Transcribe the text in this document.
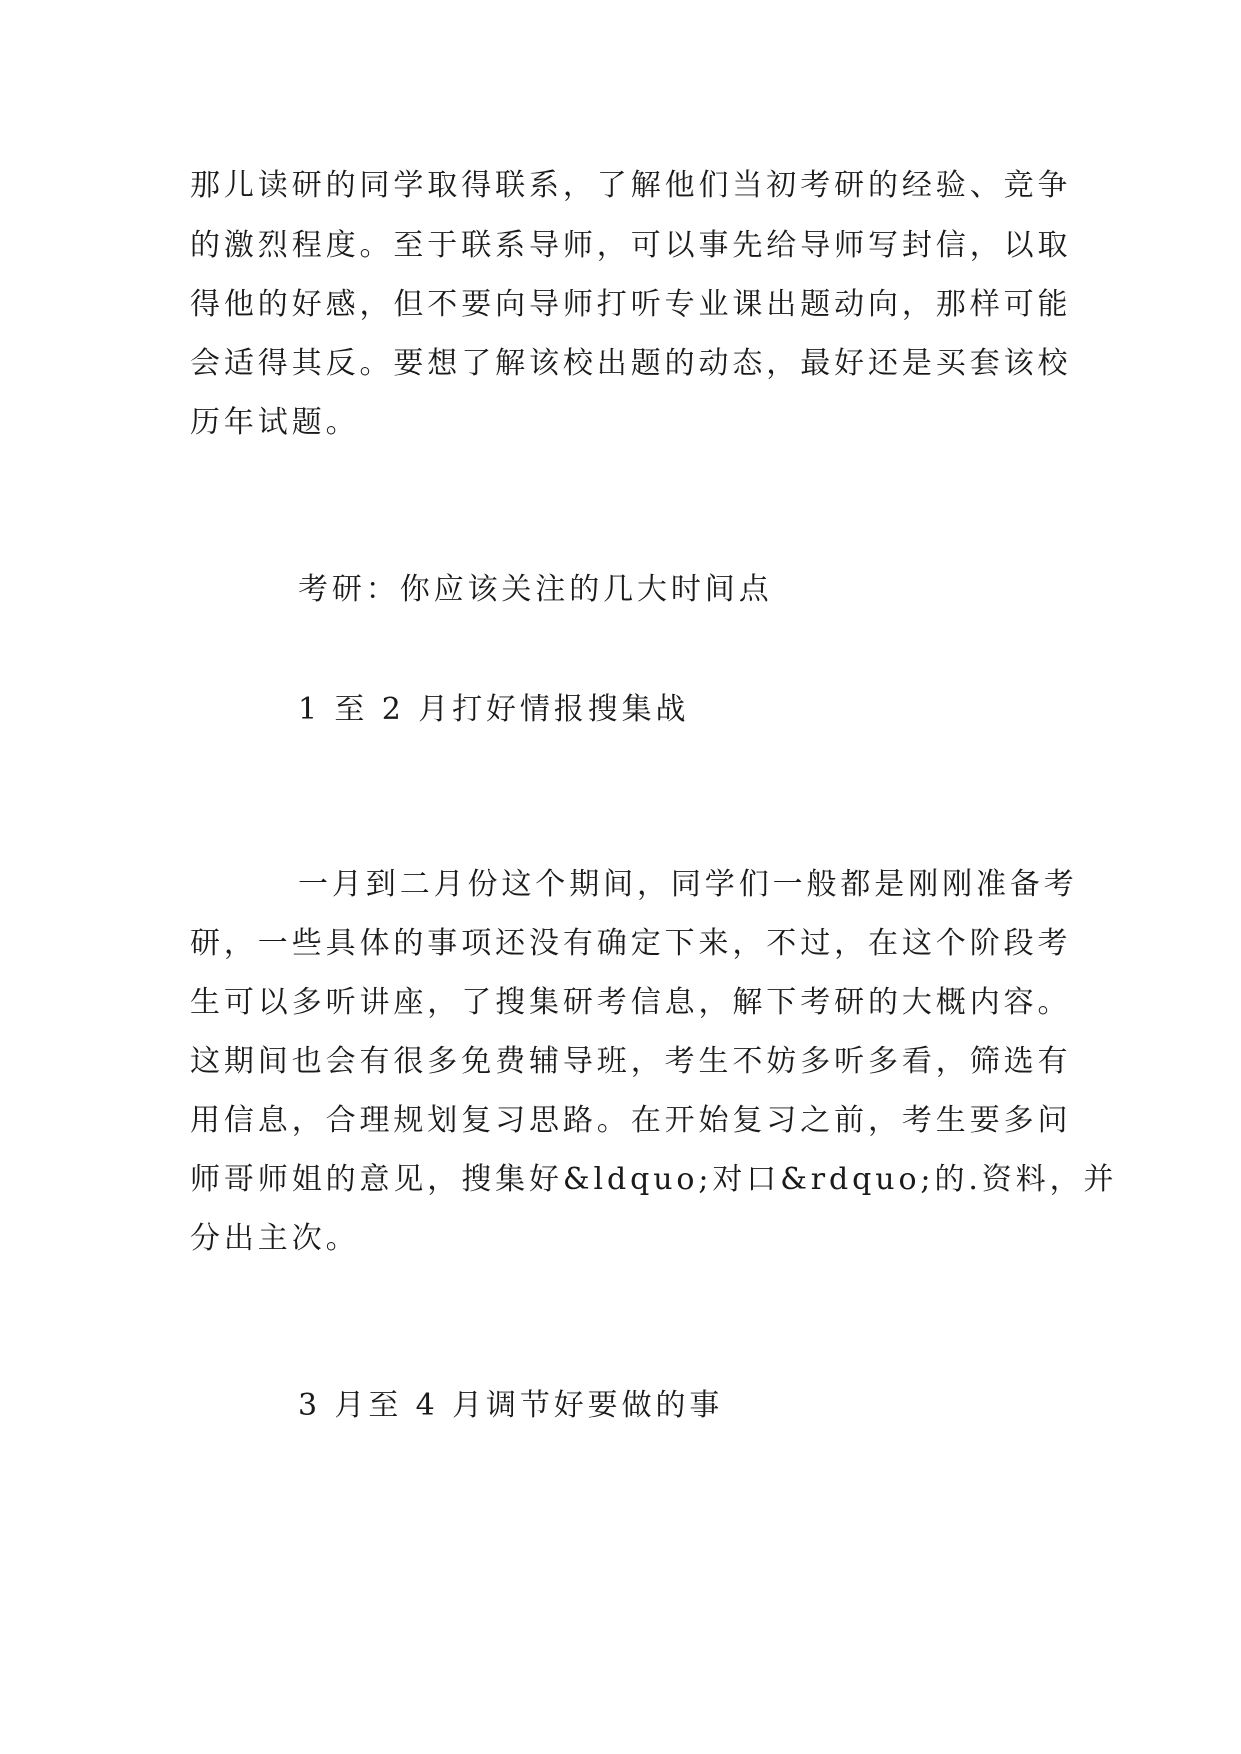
那儿读研的同学取得联系，了解他们当初考研的经验、竞争
的激烈程度。至于联系导师，可以事先给导师写封信，以取
得他的好感，但不要向导师打听专业课出题动向，那样可能
会适得其反。要想了解该校出题的动态，最好还是买套该校
历年试题。
考研：你应该关注的几大时间点
1 至 2 月打好情报搜集战
一月到二月份这个期间，同学们一般都是刚刚准备考
研，一些具体的事项还没有确定下来，不过，在这个阶段考
生可以多听讲座，了搜集研考信息，解下考研的大概内容。
这期间也会有很多免费辅导班，考生不妨多听多看，筛选有
用信息，合理规划复习思路。在开始复习之前，考生要多问
师哥师姐的意见，搜集好&ldquo;对口&rdquo;的.资料，并
分出主次。
3 月至 4 月调节好要做的事
